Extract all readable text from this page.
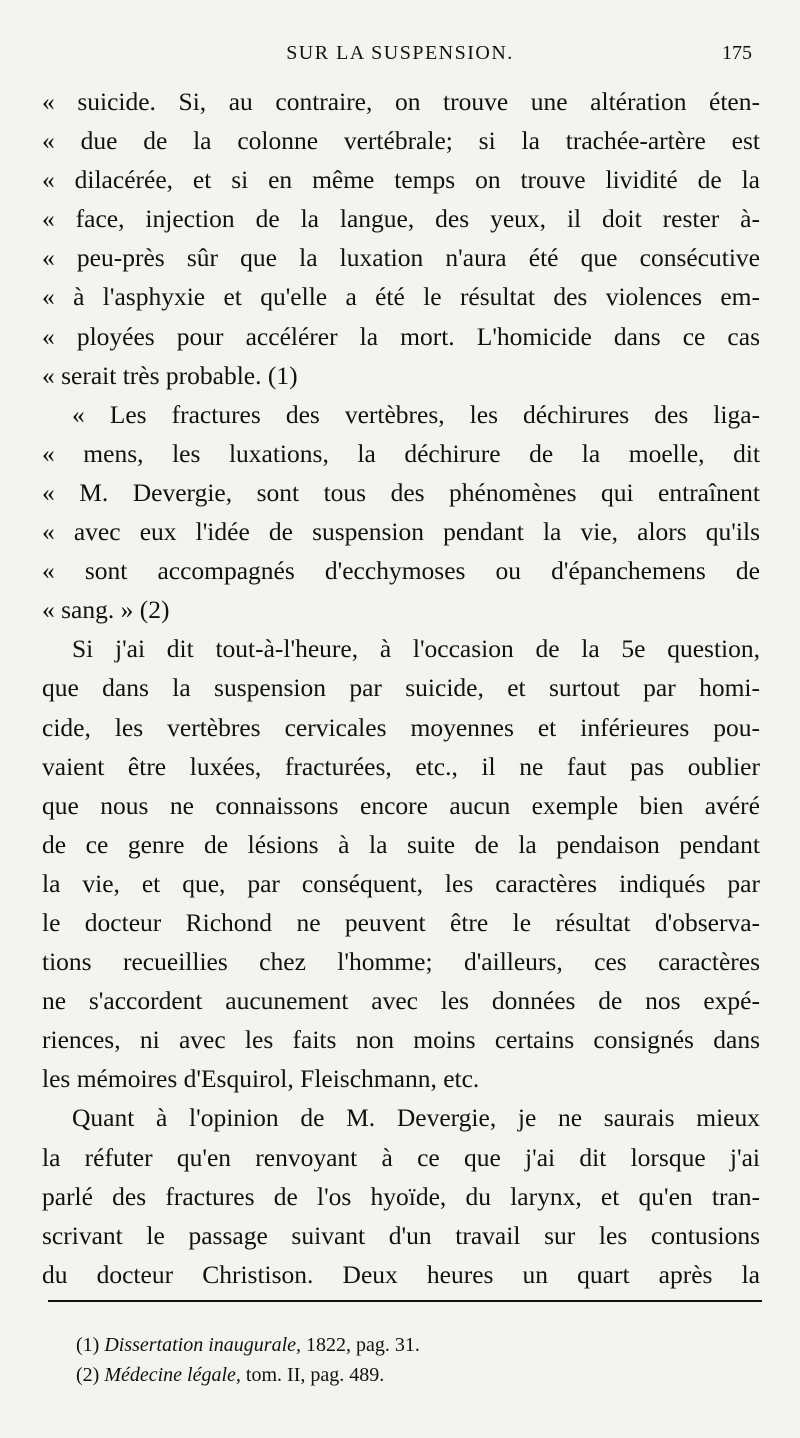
SUR LA SUSPENSION.	175
« suicide. Si, au contraire, on trouve une altération éten-
« due de la colonne vertébrale; si la trachée-artère est
« dilacérée, et si en même temps on trouve lividité de la
« face, injection de la langue, des yeux, il doit rester à-
« peu-près sûr que la luxation n'aura été que consécutive
« à l'asphyxie et qu'elle a été le résultat des violences em-
« ployées pour accélérer la mort. L'homicide dans ce cas
« serait très probable. (1)
« Les fractures des vertèbres, les déchirures des liga-
« mens, les luxations, la déchirure de la moelle, dit
« M. Devergie, sont tous des phénomènes qui entraînent
« avec eux l'idée de suspension pendant la vie, alors qu'ils
« sont accompagnés d'ecchymoses ou d'épanchemens de
« sang. » (2)
Si j'ai dit tout-à-l'heure, à l'occasion de la 5e question,
que dans la suspension par suicide, et surtout par homi-
cide, les vertèbres cervicales moyennes et inférieures pou-
vaient être luxées, fracturées, etc., il ne faut pas oublier
que nous ne connaissons encore aucun exemple bien avéré
de ce genre de lésions à la suite de la pendaison pendant
la vie, et que, par conséquent, les caractères indiqués par
le docteur Richond ne peuvent être le résultat d'observa-
tions recueillies chez l'homme; d'ailleurs, ces caractères
ne s'accordent aucunement avec les données de nos expé-
riences, ni avec les faits non moins certains consignés dans
les mémoires d'Esquirol, Fleischmann, etc.
Quant à l'opinion de M. Devergie, je ne saurais mieux
la réfuter qu'en renvoyant à ce que j'ai dit lorsque j'ai
parlé des fractures de l'os hyoïde, du larynx, et qu'en tran-
scrivant le passage suivant d'un travail sur les contusions
du docteur Christison. Deux heures un quart après la
(1) Dissertation inaugurale, 1822, pag. 31.
(2) Médecine légale, tom. II, pag. 489.
